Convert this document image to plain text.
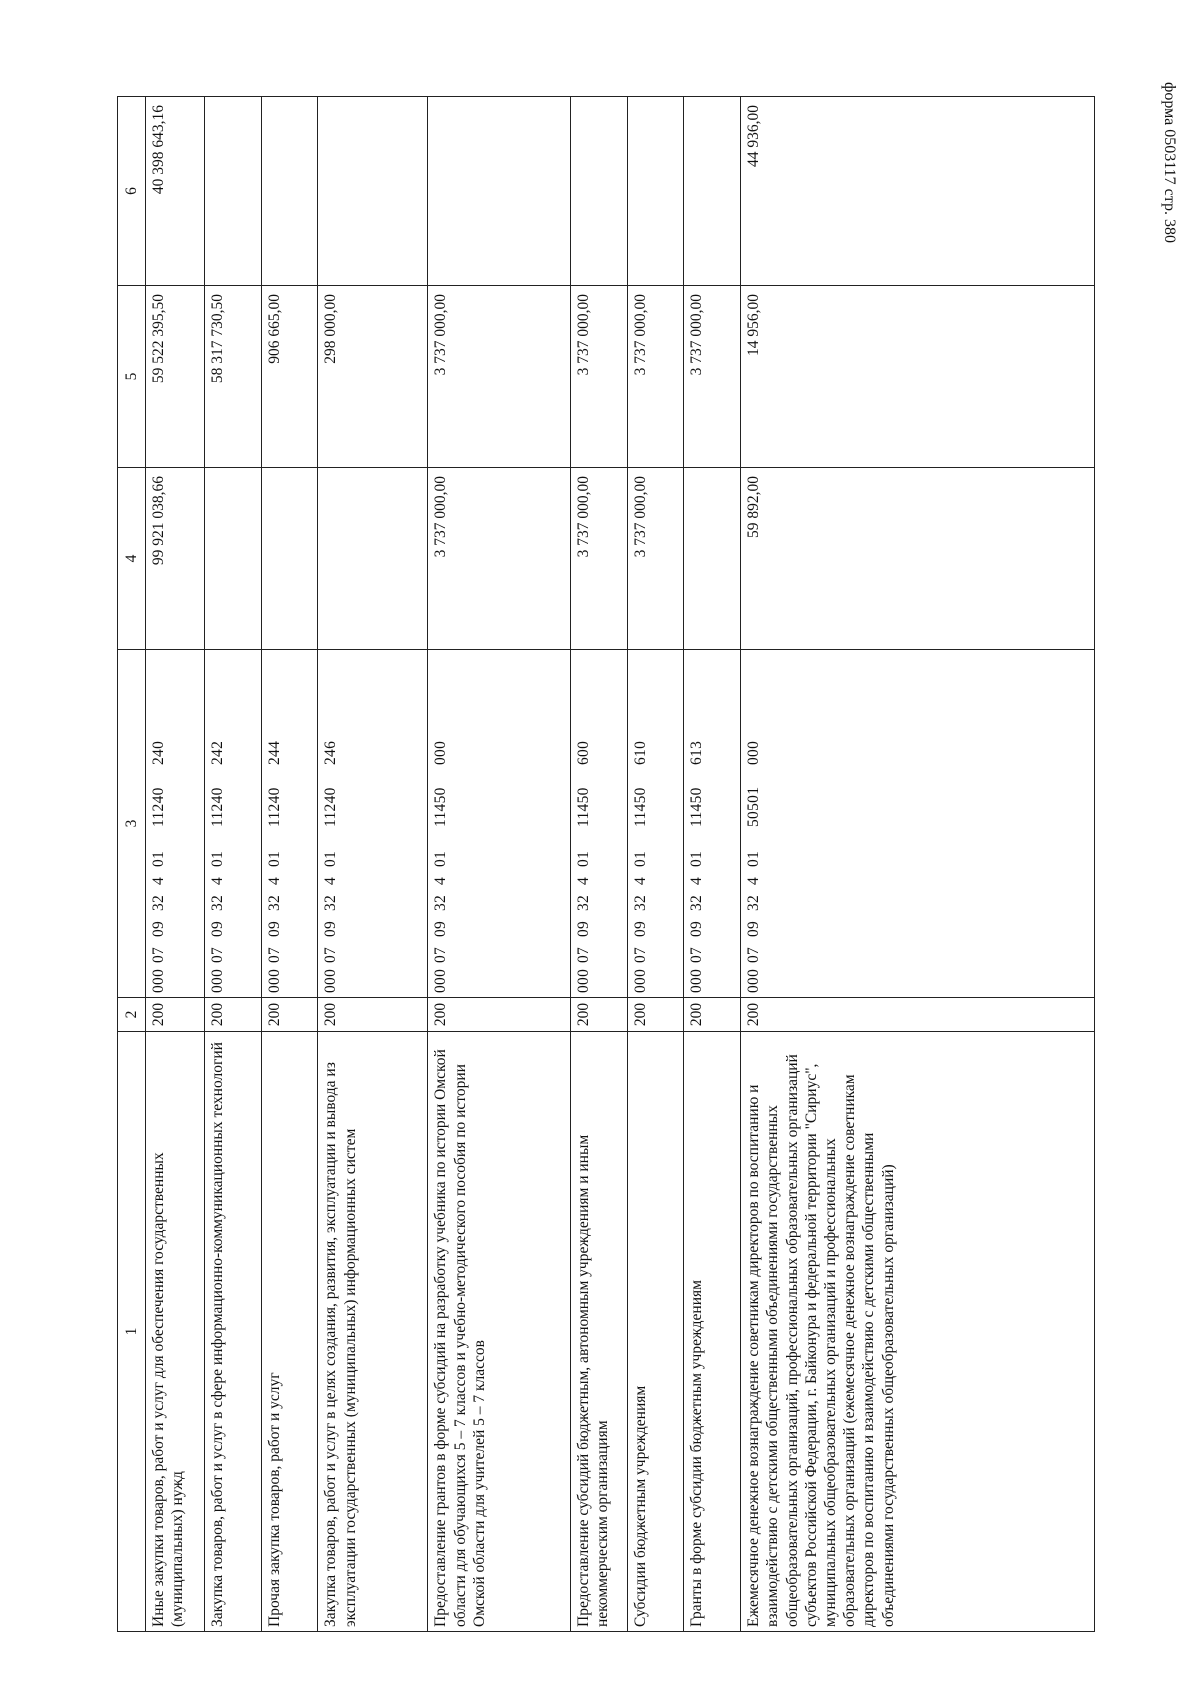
форма 0503117 стр. 380
1	2	3	4	5	6
Иные закупки товаров, работ и услуг для обеспечения государственных (муниципальных) нужд	200	00007093240111240240	99 921 038,66	59 522 395,50	40 398 643,16
Закупка товаров, работ и услуг в сфере информационно-коммуникационных технологий	200	00007093240111240242		58 317 730,50	
Прочая закупка товаров, работ и услуг	200	00007093240111240244		906 665,00	
Закупка товаров, работ и услуг в целях создания, развития, эксплуатации и вывода из эксплуатации государственных (муниципальных) информационных систем	200	00007093240111240246		298 000,00	
Предоставление грантов в форме субсидий на разработку учебника по истории Омской области для обучающихся 5 – 7 классов и учебно-методического пособия по истории Омской области для учителей 5 – 7 классов	200	00007093240111450000	3 737 000,00	3 737 000,00	
Предоставление субсидий бюджетным, автономным учреждениям и иным некоммерческим организациям	200	00007093240111450600	3 737 000,00	3 737 000,00	
Субсидии бюджетным учреждениям	200	00007093240111450610	3 737 000,00	3 737 000,00	
Гранты в форме субсидии бюджетным учреждениям	200	00007093240111450613		3 737 000,00	
Ежемесячное денежное вознаграждение советникам директоров по воспитанию и взаимодействию с детскими общественными объединениями государственных общеобразовательных организаций, профессиональных образовательных организаций субъектов Российской Федерации, г. Байконура и федеральной территории "Сириус", муниципальных общеобразовательных организаций и профессиональных образовательных организаций (ежемесячное денежное вознаграждение советникам директоров по воспитанию и взаимодействию с детскими общественными объединениями государственных общеобразовательных организаций)	200	00007093240150501000	59 892,00	14 956,00	44 936,00
